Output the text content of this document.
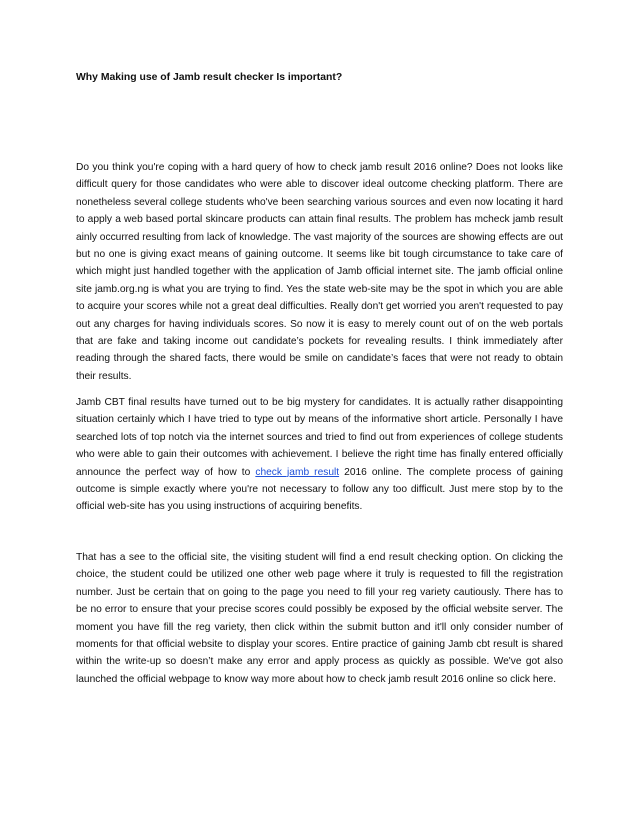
Why Making use of Jamb result checker Is important?

Do you think you're coping with a hard query of how to check jamb result 2016 online? Does not looks like difficult query for those candidates who were able to discover ideal outcome checking platform. There are nonetheless several college students who've been searching various sources and even now locating it hard to apply a web based portal skincare products can attain final results. The problem has mcheck jamb result ainly occurred resulting from lack of knowledge. The vast majority of the sources are showing effects are out but no one is giving exact means of gaining outcome. It seems like bit tough circumstance to take care of which might just handled together with the application of Jamb official internet site. The jamb official online site jamb.org.ng is what you are trying to find. Yes the state web-site may be the spot in which you are able to acquire your scores while not a great deal difficulties. Really don't get worried you aren't requested to pay out any charges for having individuals scores. So now it is easy to merely count out of on the web portals that are fake and taking income out candidate’s pockets for revealing results. I think immediately after reading through the shared facts, there would be smile on candidate’s faces that were not ready to obtain their results.

Jamb CBT final results have turned out to be big mystery for candidates. It is actually rather disappointing situation certainly which I have tried to type out by means of the informative short article. Personally I have searched lots of top notch via the internet sources and tried to find out from experiences of college students who were able to gain their outcomes with achievement. I believe the right time has finally entered officially announce the perfect way of how to check jamb result 2016 online. The complete process of gaining outcome is simple exactly where you're not necessary to follow any too difficult. Just mere stop by to the official web-site has you using instructions of acquiring benefits.

That has a see to the official site, the visiting student will find a end result checking option. On clicking the choice, the student could be utilized one other web page where it truly is requested to fill the registration number. Just be certain that on going to the page you need to fill your reg variety cautiously. There has to be no error to ensure that your precise scores could possibly be exposed by the official website server. The moment you have fill the reg variety, then click within the submit button and it'll only consider number of moments for that official website to display your scores. Entire practice of gaining Jamb cbt result is shared within the write-up so doesn’t make any error and apply process as quickly as possible. We've got also launched the official webpage to know way more about how to check jamb result 2016 online so click here.
